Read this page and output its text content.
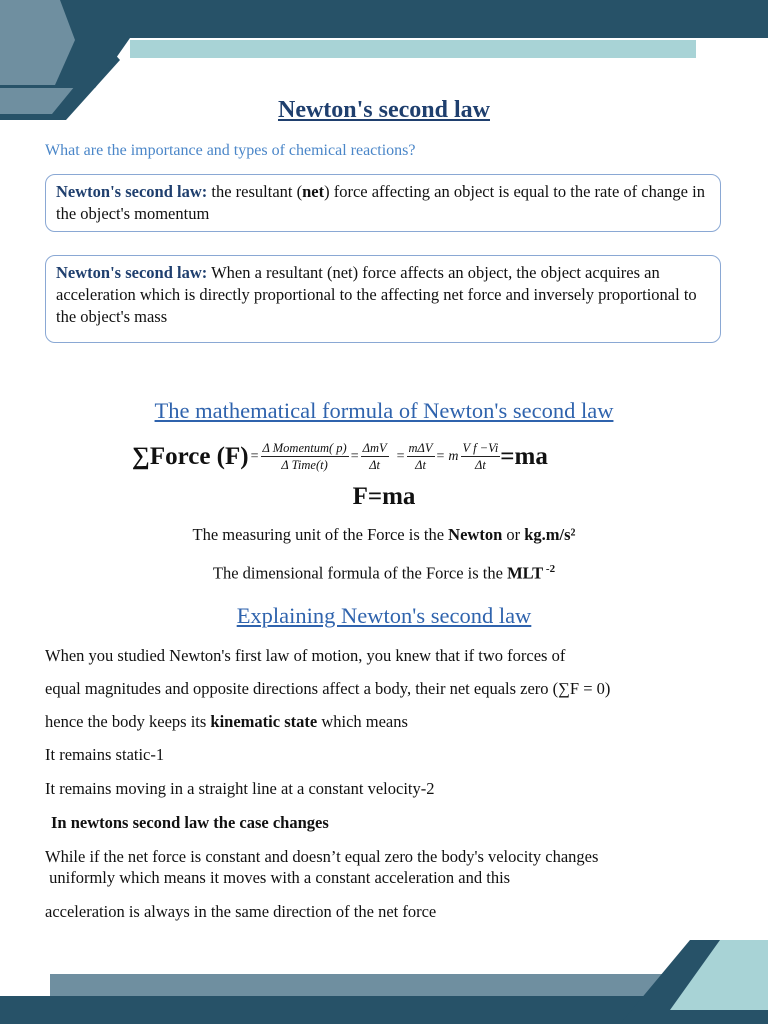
Newton's second law
What are the importance and types of chemical reactions?
Newton's second law: the resultant (net) force affecting an object is equal to the rate of change in the object's momentum
Newton's second law: When a resultant (net) force affects an object, the object acquires an acceleration which is directly proportional to the affecting net force and inversely proportional to the object's mass
The mathematical formula of Newton's second law
∑Force $(F) = \frac{\text{Δ Momentum( p)}}{\text{Δ Time(t)}} = \frac{\text{ΔmV}}{\Delta t} = \frac{\text{mΔV}}{\Delta t} = m \frac{\text{V f −Vi}}{\Delta t} =ma$
F=ma
The measuring unit of the Force is the Newton or kg.m/s²
The dimensional formula of the Force is the MLT $^{-2}$
Explaining Newton's second law
When you studied Newton's first law of motion, you knew that if two forces of
equal magnitudes and opposite directions affect a body, their net equals zero (∑F = 0)
hence the body keeps its kinematic state which means
It remains static-1
It remains moving in a straight line at a constant velocity-2
In newtons second law the case changes
While if the net force is constant and doesn’t equal zero the body's velocity changes
uniformly which means it moves with a constant acceleration and this
acceleration is always in the same direction of the net force
